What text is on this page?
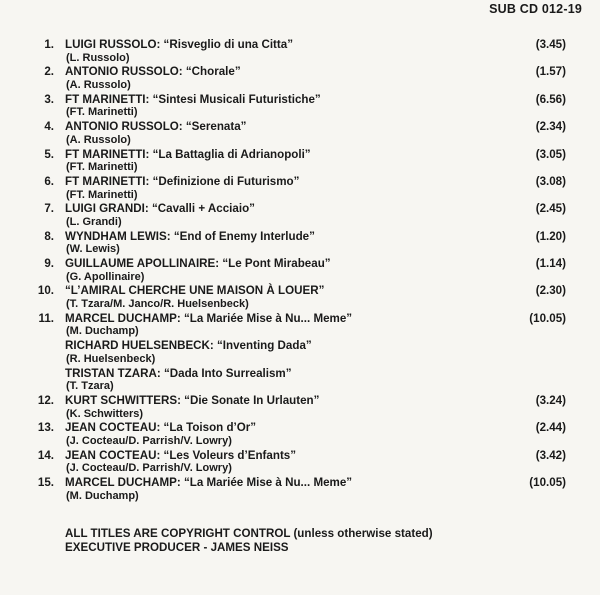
SUB CD 012-19
1. LUIGI RUSSOLO: “Risveglio di una Citta”	(3.45)
(L. Russolo)
2. ANTONIO RUSSOLO: “Chorale”	(1.57)
(A. Russolo)
3. FT MARINETTI: “Sintesi Musicali Futuristiche”	(6.56)
(FT. Marinetti)
4. ANTONIO RUSSOLO: “Serenata”	(2.34)
(A. Russolo)
5. FT MARINETTI: “La Battaglia di Adrianopoli”	(3.05)
(FT. Marinetti)
6. FT MARINETTI: “Definizione di Futurismo”	(3.08)
(FT. Marinetti)
7. LUIGI GRANDI: “Cavalli + Acciaio”	(2.45)
(L. Grandi)
8. WYNDHAM LEWIS: “End of Enemy Interlude”	(1.20)
(W. Lewis)
9. GUILLAUME APOLLINAIRE: “Le Pont Mirabeau”	(1.14)
(G. Apollinaire)
10. “L’AMIRAL CHERCHE UNE MAISON À LOUER”	(2.30)
(T. Tzara/M. Janco/R. Huelsenbeck)
11. MARCEL DUCHAMP: “La Mariée Mise à Nu... Meme”	(10.05)
(M. Duchamp)
RICHARD HUELSENBECK: “Inventing Dada”
(R. Huelsenbeck)
TRISTAN TZARA: “Dada Into Surrealism”
(T. Tzara)
12. KURT SCHWITTERS: “Die Sonate In Urlauten”	(3.24)
(K. Schwitters)
13. JEAN COCTEAU: “La Toison d’Or”	(2.44)
(J. Cocteau/D. Parrish/V. Lowry)
14. JEAN COCTEAU: “Les Voleurs d’Enfants”	(3.42)
(J. Cocteau/D. Parrish/V. Lowry)
15. MARCEL DUCHAMP: “La Mariée Mise à Nu... Meme”	(10.05)
(M. Duchamp)
ALL TITLES ARE COPYRIGHT CONTROL (unless otherwise stated)
EXECUTIVE PRODUCER - JAMES NEISS
